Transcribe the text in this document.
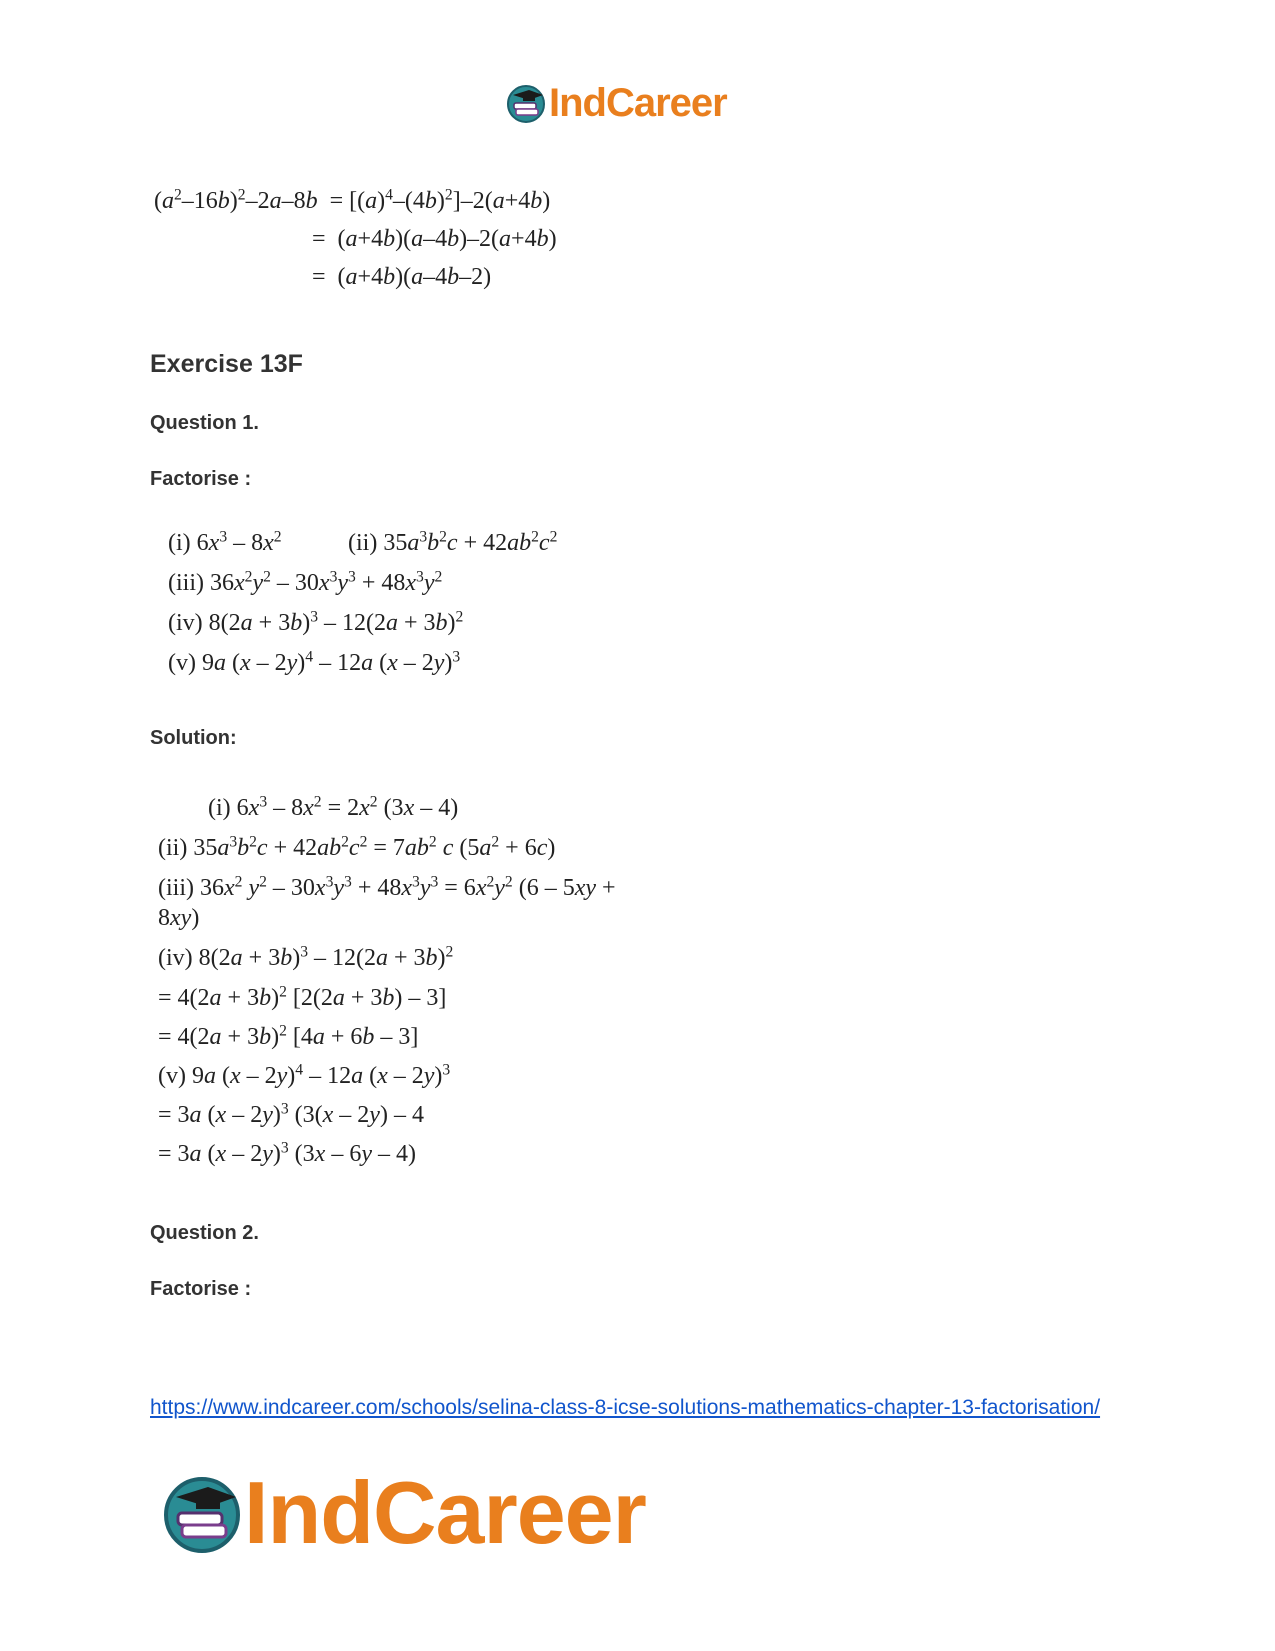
IndCareer
$(a^2-16b)^2-2a-8b = [(a)^4-(4b)^2]-2(a+4b)$
=  (a+4b)(a–4b)–2(a+4b)
=  (a+4b)(a–4b–2)
Exercise 13F
Question 1.
Factorise :
(i) $6x^3 - 8x^2$	(ii) $35a^3b^2c + 42ab^2c^2$
(iii) $36x^2y^2 - 30x^3y^3 + 48x^3y^2$
(iv) $8(2a + 3b)^3 - 12(2a + 3b)^2$
(v) 9a (x – 2y)$^4$ – 12a (x – 2y)$^3$
Solution:
(i) $6x^3 - 8x^2 = 2x^2$ (3x – 4)
(ii) $35a^3b^2c + 42ab^2c^2 = 7ab^2$ c $(5a^2 + 6c)$
(iii) $36x^2$ $y^2 - 30x^3y^3 + 48x^3y^3 = 6x^2y^2$ (6 – 5xy +
8xy)
(iv) $8(2a + 3b)^3 - 12(2a + 3b)^2$
= $4(2a + 3b)^2$ [2(2a + 3b) – 3]
= $4(2a + 3b)^2$ [4a + 6b – 3]
(v) 9a (x – 2y)$^4$ – 12a (x – 2y)$^3$
= 3a (x – 2y)$^3$ (3(x – 2y) – 4
= 3a (x – 2y)$^3$ (3x – 6y – 4)
Question 2.
Factorise :
https://www.indcareer.com/schools/selina-class-8-icse-solutions-mathematics-chapter-13-factorisation/
IndCareer
